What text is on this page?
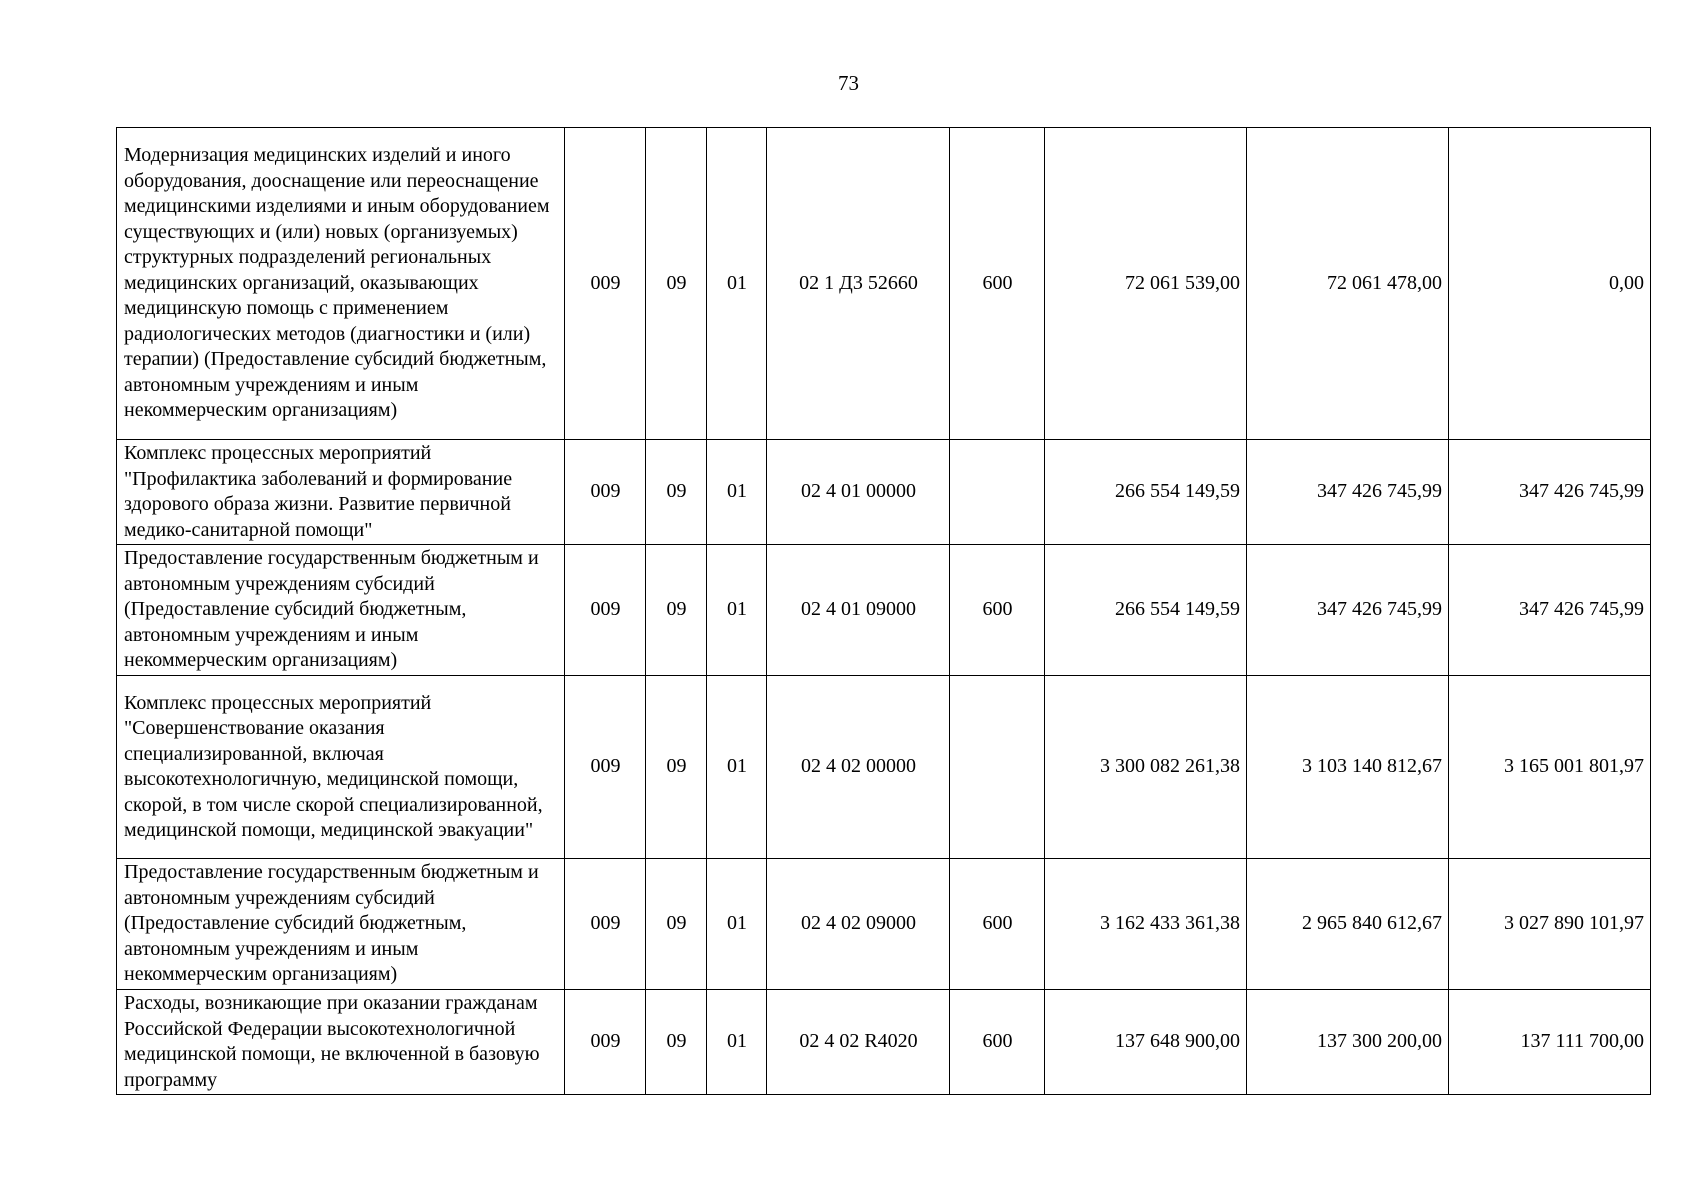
73
Модернизация медицинских изделий и иного оборудования, дооснащение или переоснащение медицинскими изделиями и иным оборудованием существующих и (или) новых (организуемых) структурных подразделений региональных медицинских организаций, оказывающих медицинскую помощь с применением радиологических методов (диагностики и (или) терапии) (Предоставление субсидий бюджетным, автономным учреждениям и иным некоммерческим организациям)	009	09	01	02 1 Д3 52660	600	72 061 539,00	72 061 478,00	0,00
Комплекс процессных мероприятий "Профилактика заболеваний и формирование здорового образа жизни. Развитие первичной медико-санитарной помощи"	009	09	01	02 4 01 00000		266 554 149,59	347 426 745,99	347 426 745,99
Предоставление государственным бюджетным и автономным учреждениям субсидий (Предоставление субсидий бюджетным, автономным учреждениям и иным некоммерческим организациям)	009	09	01	02 4 01 09000	600	266 554 149,59	347 426 745,99	347 426 745,99
Комплекс процессных мероприятий "Совершенствование оказания специализированной, включая высокотехнологичную, медицинской помощи, скорой, в том числе скорой специализированной, медицинской помощи, медицинской эвакуации"	009	09	01	02 4 02 00000		3 300 082 261,38	3 103 140 812,67	3 165 001 801,97
Предоставление государственным бюджетным и автономным учреждениям субсидий (Предоставление субсидий бюджетным, автономным учреждениям и иным некоммерческим организациям)	009	09	01	02 4 02 09000	600	3 162 433 361,38	2 965 840 612,67	3 027 890 101,97
Расходы, возникающие при оказании гражданам Российской Федерации высокотехнологичной медицинской помощи, не включенной в базовую программу	009	09	01	02 4 02 R4020	600	137 648 900,00	137 300 200,00	137 111 700,00
